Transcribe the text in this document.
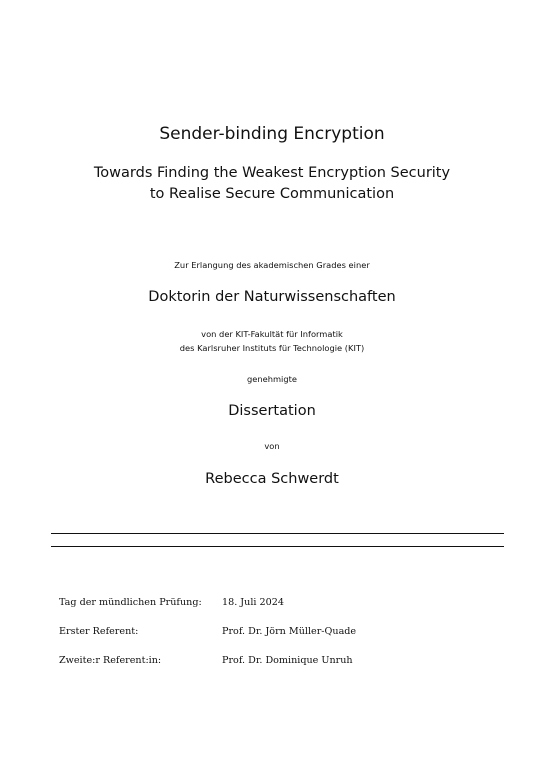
Sender-binding Encryption
Towards Finding the Weakest Encryption Security
to Realise Secure Communication
Zur Erlangung des akademischen Grades einer
Doktorin der Naturwissenschaften
von der KIT-Fakultät für Informatik
des Karlsruher Instituts für Technologie (KIT)
genehmigte
Dissertation
von
Rebecca Schwerdt
Tag der mündlichen Prüfung: 18. Juli 2024
Erster Referent:	Prof. Dr. Jörn Müller-Quade
Zweite:r Referent:in:	Prof. Dr. Dominique Unruh
